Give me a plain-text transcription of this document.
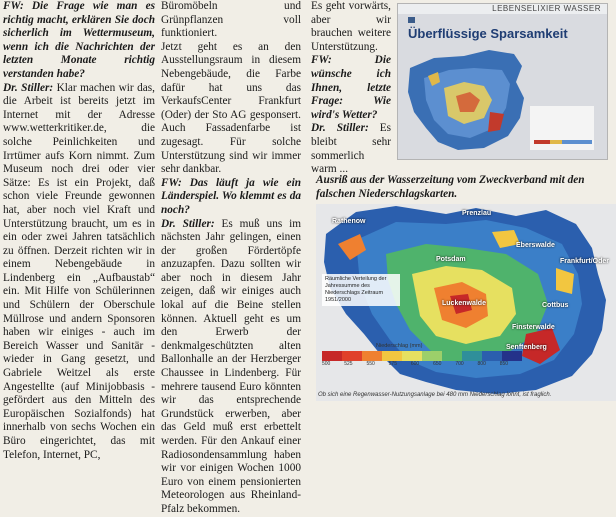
FW: Die Frage wie man es richtig macht, erklären Sie doch sicherlich im Wettermuseum, wenn ich die Nachrichten der letzten Monate richtig verstanden habe?

Dr. Stiller: Klar machen wir das, die Arbeit ist bereits jetzt im Internet mit der Adresse www.wetterkritiker.de, die solche Peinlichkeiten und Irrtümer aufs Korn nimmt. Zum Museum noch drei oder vier Sätze: Es ist ein Projekt, daß schon viele Freunde gewonnen hat, aber noch viel Kraft und Unterstützung braucht, um es in ein oder zwei Jahren tatsächlich zu öffnen. Derzeit richten wir in einem Nebengebäude in Lindenberg ein „Aufbaustab“ ein. Mit Hilfe von Schülerinnen und Schülern der Oberschule Müllrose und andern Sponsoren haben wir einiges - auch im Bereich Wasser und Sanitär - wieder in Gang gesetzt, und Gabriele Weitzel als erste Angestellte (auf Minijobbasis - gefördert aus den Mitteln des Europäischen Sozialfonds) hat innerhalb von sechs Wochen ein Büro eingerichtet, das mit Telefon, Internet, PC,

Büromöbeln und Grünpflanzen voll funktioniert.

Jetzt geht es an den Ausstellungsraum in diesem Nebengebäude, die Farbe dafür hat uns das VerkaufsCenter Frankfurt (Oder) der Sto AG gesponsert. Auch Fassadenfarbe ist zugesagt. Für solche Unterstützung sind wir immer sehr dankbar.

FW: Das läuft ja wie ein Länderspiel. Wo klemmt es da noch?

Dr. Stiller: Es muß uns im nächsten Jahr gelingen, einen der großen Fördertöpfe anzuzapfen. Dazu sollten wir aber noch in diesem Jahr zeigen, daß wir einiges auch lokal auf die Beine stellen können. Aktuell geht es um den Erwerb der denkmalgeschützten alten Ballonhalle an der Herzberger Chaussee in Lindenberg. Für mehrere tausend Euro könnten wir das entsprechende Grundstück erwerben, aber das Geld muß erst erbettelt werden. Für den Ankauf einer Radiosondensammlung haben wir vor einigen Wochen 1000 Euro von einem pensionierten Meteorologen aus Rheinland-Pfalz bekommen.

Es geht vorwärts, aber wir brauchen weitere Unterstützung.

FW: Die wünsche ich Ihnen, letzte Frage: Wie wird's Wetter?

Dr. Stiller: Es bleibt sehr sommerlich warm ...

LEBENSELIXIER WASSER

Überflüssige Sparsamkeit
Ausriß aus der Wasserzeitung vom Zweckverband mit den falschen Niederschlagskarten.
Rathenow
Prenzlau
Eberswalde
Potsdam	Frankfurt/Oder
Luckenwalde	Cottbus
Finsterwalde
Senftenberg
Räumliche Verteilung der Jahressumme des Niederschlags Zeitraum 1951/2000
Niederschlag (mm)
500	525	550	575	600	650	700	800	850
Ob sich eine Regenwasser-Nutzungsanlage bei 480 mm Niederschlag lohnt, ist fraglich.
